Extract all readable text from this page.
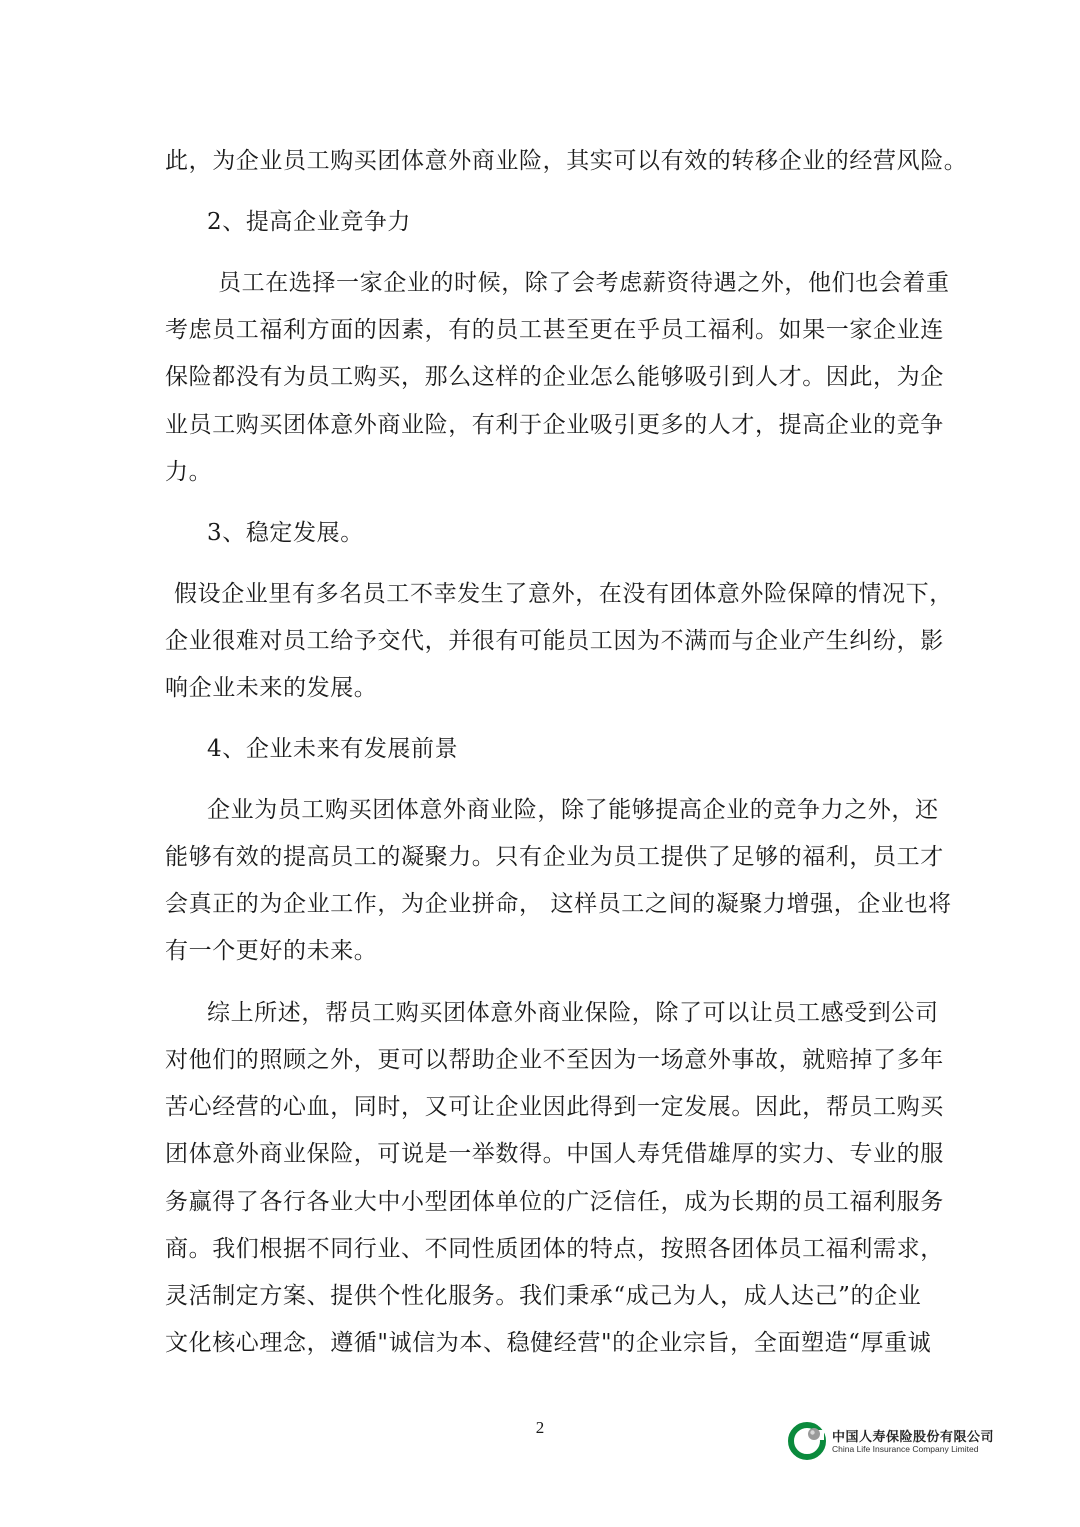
此，为企业员工购买团体意外商业险，其实可以有效的转移企业的经营风险。
2、提高企业竞争力
员工在选择一家企业的时候，除了会考虑薪资待遇之外，他们也会着重
考虑员工福利方面的因素，有的员工甚至更在乎员工福利。如果一家企业连
保险都没有为员工购买，那么这样的企业怎么能够吸引到人才。因此，为企
业员工购买团体意外商业险，有利于企业吸引更多的人才，提高企业的竞争
力。
3、稳定发展。
假设企业里有多名员工不幸发生了意外，在没有团体意外险保障的情况下，
企业很难对员工给予交代，并很有可能员工因为不满而与企业产生纠纷，影
响企业未来的发展。
4、企业未来有发展前景
企业为员工购买团体意外商业险，除了能够提高企业的竞争力之外，还
能够有效的提高员工的凝聚力。只有企业为员工提供了足够的福利，员工才
会真正的为企业工作，为企业拼命， 这样员工之间的凝聚力增强，企业也将
有一个更好的未来。
综上所述，帮员工购买团体意外商业保险，除了可以让员工感受到公司
对他们的照顾之外，更可以帮助企业不至因为一场意外事故，就赔掉了多年
苦心经营的心血，同时，又可让企业因此得到一定发展。因此，帮员工购买
团体意外商业保险，可说是一举数得。中国人寿凭借雄厚的实力、专业的服
务赢得了各行各业大中小型团体单位的广泛信任，成为长期的员工福利服务
商。我们根据不同行业、不同性质团体的特点，按照各团体员工福利需求，
灵活制定方案、提供个性化服务。我们秉承“成己为人，成人达己”的企业
文化核心理念，遵循"诚信为本、稳健经营"的企业宗旨，全面塑造“厚重诚
2
中国人寿保险股份有限公司
China Life Insurance Company Limited
